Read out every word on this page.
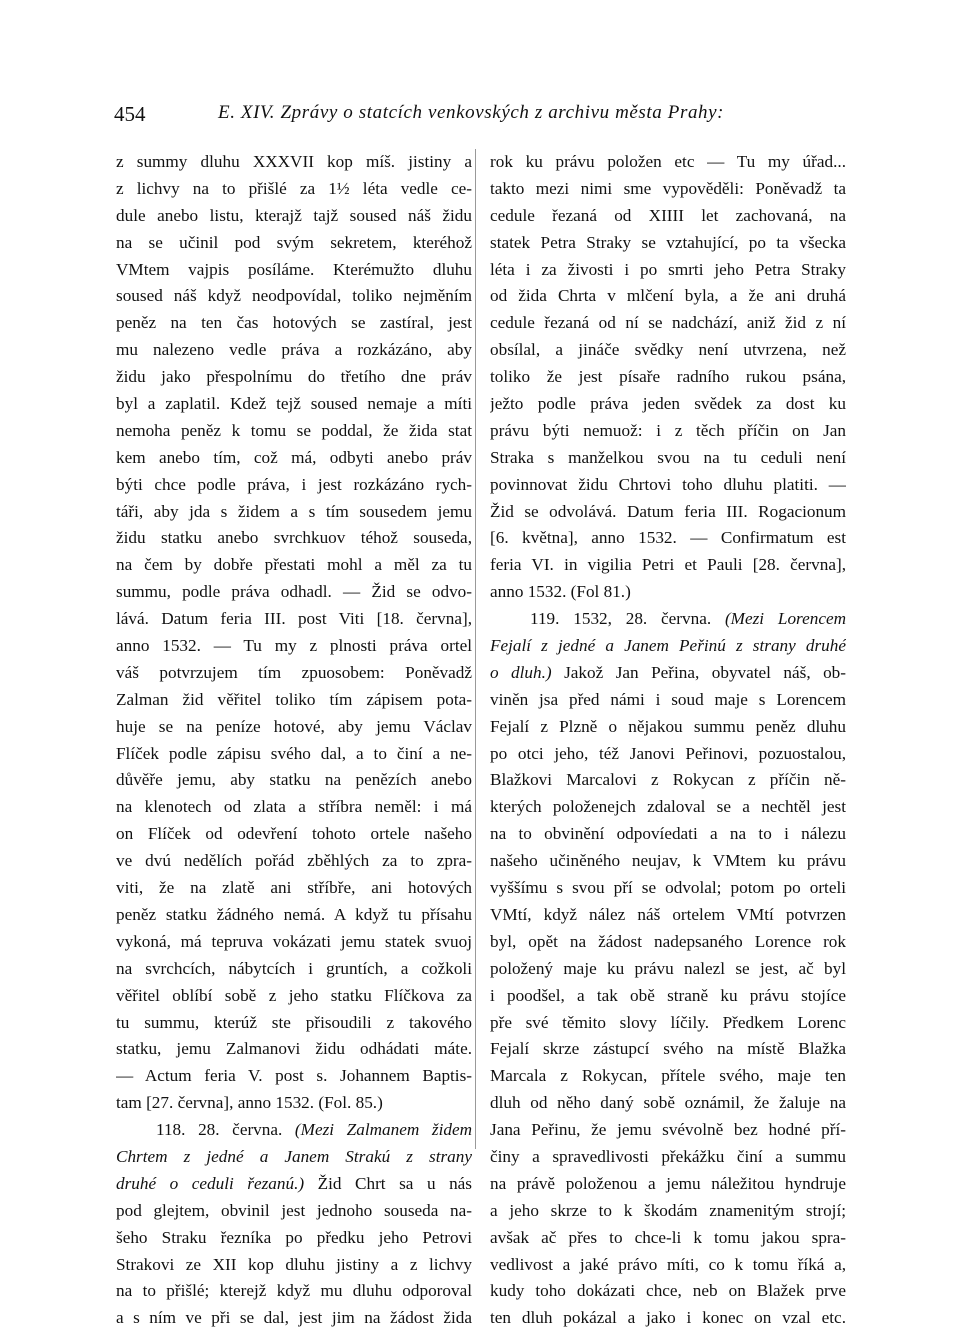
454	E. XIV. Zprávy o statcích venkovských z archivu města Prahy:
z summy dluhu XXXVII kop míš. jistiny a
z lichvy na to přišlé za 1½ léta vedle ce-
dule anebo listu, kterajž tajž soused náš židu
na se učinil pod svým sekretem, kteréhož
VMtem vajpis posíláme. Kterémužto dluhu
soused náš když neodpovídal, toliko nejměním
peněz na ten čas hotových se zastíral, jest
mu nalezeno vedle práva a rozkázáno, aby
židu jako přespolnímu do třetího dne práv
byl a zaplatil. Kdež tejž soused nemaje a míti
nemoha peněz k tomu se poddal, že žida stat
kem anebo tím, což má, odbyti anebo práv
býti chce podle práva, i jest rozkázáno rych-
táři, aby jda s židem a s tím sousedem jemu
židu statku anebo svrchkuov téhož souseda,
na čem by dobře přestati mohl a měl za tu
summu, podle práva odhadl. — Žid se odvo-
lává. Datum feria III. post Viti [18. června],
anno 1532. — Tu my z plnosti práva ortel
váš potvrzujem tím zpuosobem: Poněvadž
Zalman žid věřitel toliko tím zápisem pota-
huje se na peníze hotové, aby jemu Václav
Flíček podle zápisu svého dal, a to činí a ne-
důvěře jemu, aby statku na penězích anebo
na klenotech od zlata a stříbra neměl: i má
on Flíček od odevření tohoto ortele našeho
ve dvú nedělích pořád zběhlých za to zpra-
viti, že na zlatě ani stříbře, ani hotových
peněz statku žádného nemá. A když tu přísahu
vykoná, má tepruva vokázati jemu statek svuoj
na svrchcích, nábytcích i gruntích, a cožkoli
věřitel oblíbí sobě z jeho statku Flíčkova za
tu summu, kterúž ste přisoudili z takového
statku, jemu Zalmanovi židu odhádati máte.
— Actum feria V. post s. Johannem Baptis-
tam [27. června], anno 1532. (Fol. 85.)
118. 28. června. (Mezi Zalmanem židem
Chrtem z jedné a Janem Strakú z strany
druhé o ceduli řezanú.) Žid Chrt sa u nás
pod glejtem, obvinil jest jednoho souseda na-
šeho Straku řezníka po předku jeho Petrovi
Strakovi ze XII kop dluhu jistiny a z lichvy
na to přišlé; kterejž když mu dluhu odporoval
a s ním ve při se dal, jest jim na žádost žida
rok ku právu položen etc — Tu my úřad...
takto mezi nimi sme vypověděli: Poněvadž ta
cedule řezaná od XIIII let zachovaná, na
statek Petra Straky se vztahující, po ta všecka
léta i za živosti i po smrti jeho Petra Straky
od žida Chrta v mlčení byla, a že ani druhá
cedule řezaná od ní se nadchází, aniž žid z ní
obsílal, a jináče svědky není utvrzena, než
toliko že jest písaře radního rukou psána,
ježto podle práva jeden svědek za dost ku
právu býti nemuož: i z těch příčin on Jan
Straka s manželkou svou na tu ceduli není
povinnovat židu Chrtovi toho dluhu platiti. —
Žid se odvolává. Datum feria III. Rogacionum
[6. května], anno 1532. — Confirmatum est
feria VI. in vigilia Petri et Pauli [28. června],
anno 1532. (Fol 81.)
119. 1532, 28. června. (Mezi Lorencem
Fejalí z jedné a Janem Peřinú z strany druhé
o dluh.) Jakož Jan Peřina, obyvatel náš, ob-
viněn jsa před námi i soud maje s Lorencem
Fejalí z Plzně o nějakou summu peněz dluhu
po otci jeho, též Janovi Peřinovi, pozuostalou,
Blažkovi Marcalovi z Rokycan z příčin ně-
kterých položenejch zdaloval se a nechtěl jest
na to obvinění odpovíedati a na to i nálezu
našeho učiněného neujav, k VMtem ku právu
vyššímu s svou pří se odvolal; potom po orteli
VMtí, když nález náš ortelem VMtí potvrzen
byl, opět na žádost nadepsaného Lorence rok
položený maje ku právu nalezl se jest, ač byl
i poodšel, a tak obě straně ku právu stojíce
pře své těmito slovy líčily. Předkem Lorenc
Fejalí skrze zástupcí svého na místě Blažka
Marcala z Rokycan, přítele svého, maje ten
dluh od něho daný sobě oznámil, že žaluje na
Jana Peřinu, že jemu svévolně bez hodné pří-
činy a spravedlivosti překážku činí a summu
na právě položenou a jemu náležitou hyndruje
a jeho skrze to k škodám znamenitým strojí;
avšak ač přes to chce-li k tomu jakou spra-
vedlivost a jaké právo míti, co k tomu říká a,
kudy toho dokázati chce, neb on Blažek prve
ten dluh pokázal a jako i konec on vzal etc.
